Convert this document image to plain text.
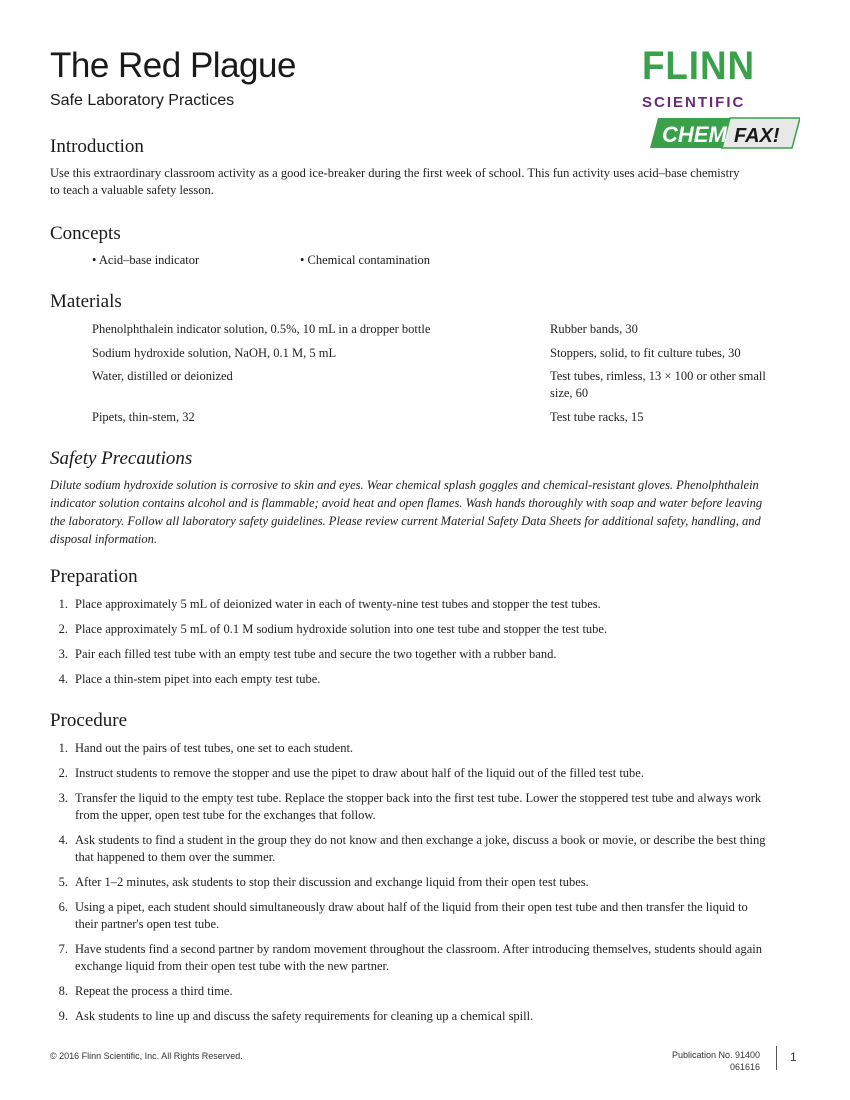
The Red Plague
Safe Laboratory Practices
FLINN
SCIENTIFIC
CHEM FAX!
Introduction

Use this extraordinary classroom activity as a good ice-breaker during the first week of school. This fun activity uses acid–base chemistry to teach a valuable safety lesson.

Concepts
• Acid–base indicator	• Chemical contamination
Materials
Phenolphthalein indicator solution, 0.5%, 10 mL in a dropper bottle
Sodium hydroxide solution, NaOH, 0.1 M, 5 mL
Water, distilled or deionized
Pipets, thin-stem, 32
Rubber bands, 30
Stoppers, solid, to fit culture tubes, 30
Test tubes, rimless, 13 × 100 or other small size, 60
Test tube racks, 15
Safety Precautions

Dilute sodium hydroxide solution is corrosive to skin and eyes. Wear chemical splash goggles and chemical-resistant gloves. Phenolphthalein indicator solution contains alcohol and is flammable; avoid heat and open flames. Wash hands thoroughly with soap and water before leaving the laboratory. Follow all laboratory safety guidelines. Please review current Material Safety Data Sheets for additional safety, handling, and disposal information.

Preparation
1. Place approximately 5 mL of deionized water in each of twenty-nine test tubes and stopper the test tubes.
2. Place approximately 5 mL of 0.1 M sodium hydroxide solution into one test tube and stopper the test tube.
3. Pair each filled test tube with an empty test tube and secure the two together with a rubber band.
4. Place a thin-stem pipet into each empty test tube.
Procedure
1. Hand out the pairs of test tubes, one set to each student.
2. Instruct students to remove the stopper and use the pipet to draw about half of the liquid out of the filled test tube.
3. Transfer the liquid to the empty test tube. Replace the stopper back into the first test tube. Lower the stoppered test tube and always work from the upper, open test tube for the exchanges that follow.
4. Ask students to find a student in the group they do not know and then exchange a joke, discuss a book or movie, or describe the best thing that happened to them over the summer.
5. After 1–2 minutes, ask students to stop their discussion and exchange liquid from their open test tubes.
6. Using a pipet, each student should simultaneously draw about half of the liquid from their open test tube and then transfer the liquid to their partner's open test tube.
7. Have students find a second partner by random movement throughout the classroom. After introducing themselves, students should again exchange liquid from their open test tube with the new partner.
8. Repeat the process a third time.
9. Ask students to line up and discuss the safety requirements for cleaning up a chemical spill.
© 2016 Flinn Scientific, Inc. All Rights Reserved.	Publication No. 91400
061616
1
